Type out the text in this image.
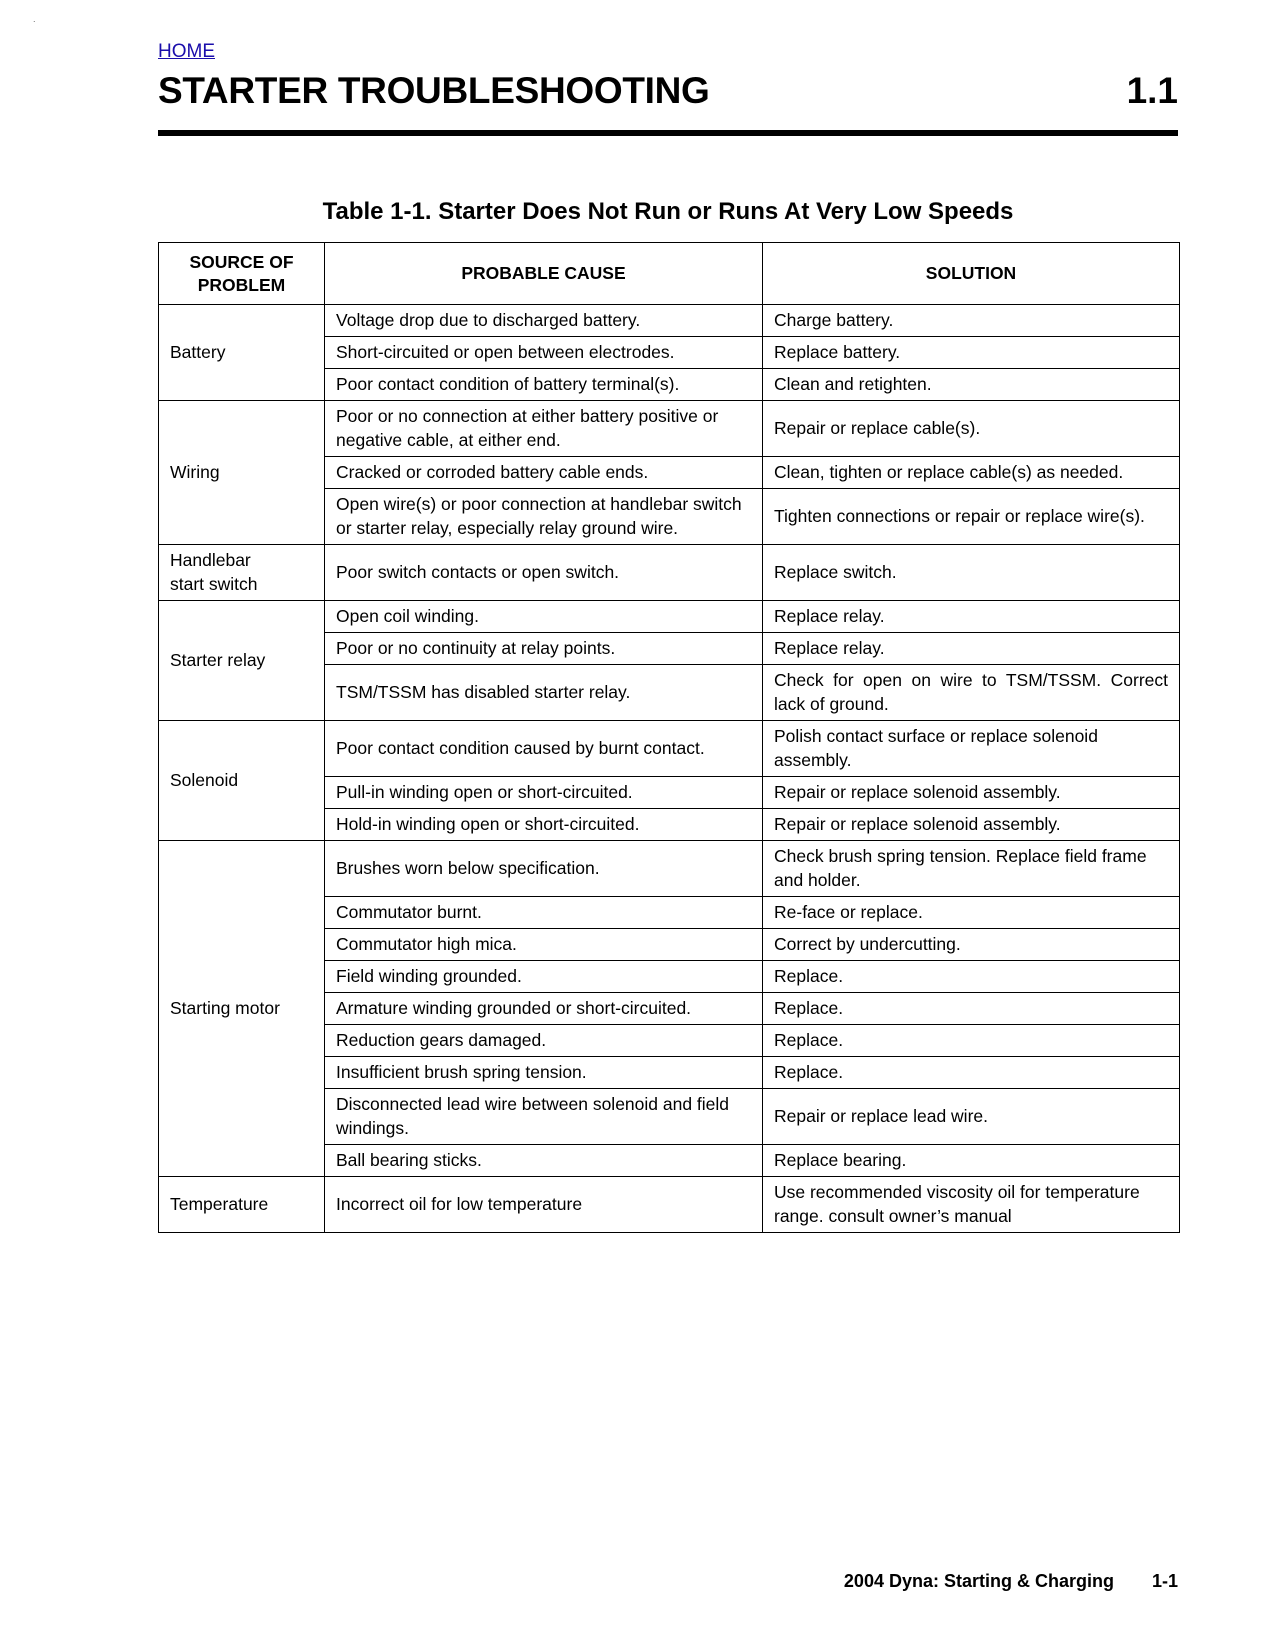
.
HOME
STARTER TROUBLESHOOTING	1.1
Table 1-1. Starter Does Not Run or Runs At Very Low Speeds
SOURCE OF PROBLEM	PROBABLE CAUSE	SOLUTION
Battery	Voltage drop due to discharged battery.	Charge battery.
	Short-circuited or open between electrodes.	Replace battery.
	Poor contact condition of battery terminal(s).	Clean and retighten.
Wiring	Poor or no connection at either battery positive or negative cable, at either end.	Repair or replace cable(s).
	Cracked or corroded battery cable ends.	Clean, tighten or replace cable(s) as needed.
	Open wire(s) or poor connection at handlebar switch or starter relay, especially relay ground wire.	Tighten connections or repair or replace wire(s).
Handlebar start switch	Poor switch contacts or open switch.	Replace switch.
Starter relay	Open coil winding.	Replace relay.
	Poor or no continuity at relay points.	Replace relay.
	TSM/TSSM has disabled starter relay.	Check for open on wire to TSM/TSSM. Correct lack of ground.
Solenoid	Poor contact condition caused by burnt contact.	Polish contact surface or replace solenoid assembly.
	Pull-in winding open or short-circuited.	Repair or replace solenoid assembly.
	Hold-in winding open or short-circuited.	Repair or replace solenoid assembly.
Starting motor	Brushes worn below specification.	Check brush spring tension. Replace field frame and holder.
	Commutator burnt.	Re-face or replace.
	Commutator high mica.	Correct by undercutting.
	Field winding grounded.	Replace.
	Armature winding grounded or short-circuited.	Replace.
	Reduction gears damaged.	Replace.
	Insufficient brush spring tension.	Replace.
	Disconnected lead wire between solenoid and field windings.	Repair or replace lead wire.
	Ball bearing sticks.	Replace bearing.
Temperature	Incorrect oil for low temperature	Use recommended viscosity oil for temperature range. consult owner’s manual
2004 Dyna: Starting & Charging 1-1
